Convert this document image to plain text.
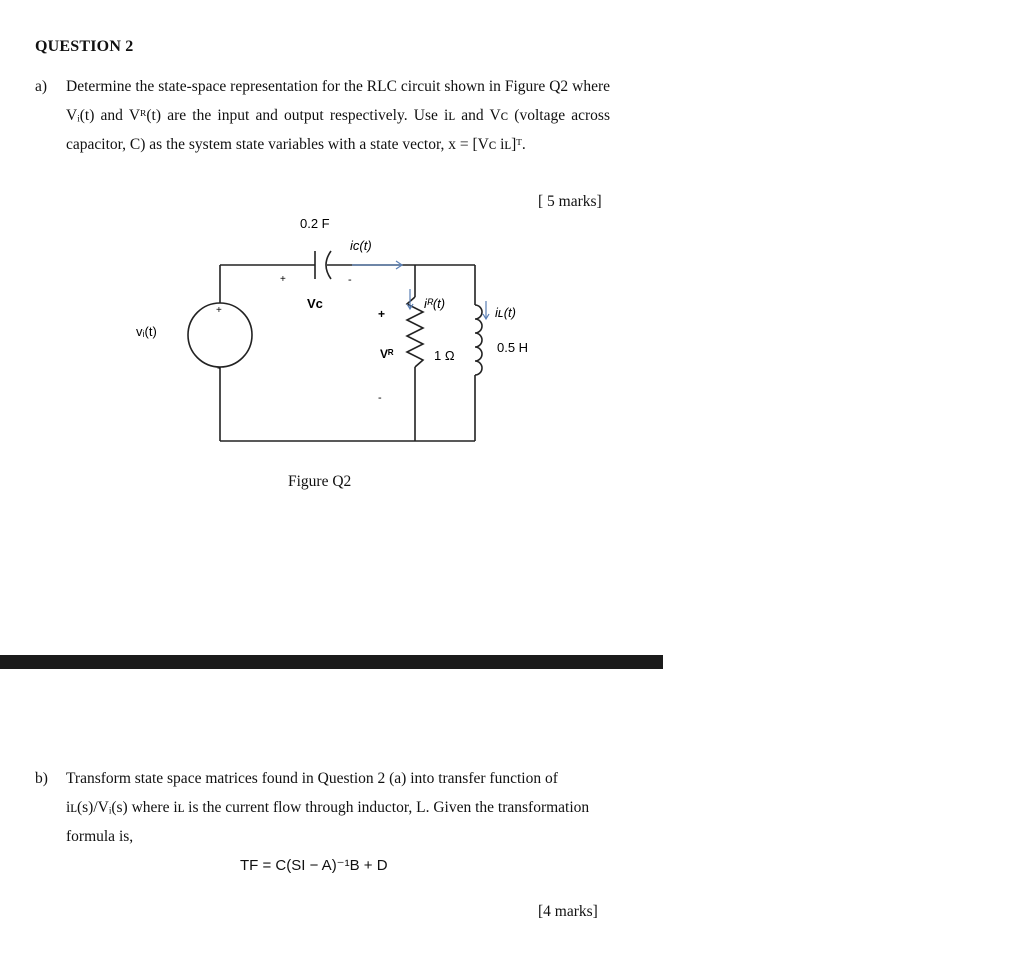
QUESTION 2
a) Determine the state-space representation for the RLC circuit shown in Figure Q2 where Vᵢ(t) and Vᴿ(t) are the input and output respectively. Use iʟ and Vᴄ (voltage across capacitor, C) as the system state variables with a state vector, x = [Vᴄ iʟ]ᵀ.
[ 5 marks]
0.2 F
iᴄ(t)
+	-
Vᴄ
vᵢ(t)
+
-
+
Vᴿ
-
iᴿ(t)
1 Ω
iʟ(t)
0.5 H
Figure Q2
b) Transform state space matrices found in Question 2 (a) into transfer function of iʟ(s)/Vᵢ(s) where iʟ is the current flow through inductor, L. Given the transformation formula is,
TF = C(SI − A)⁻¹B + D
[4 marks]
